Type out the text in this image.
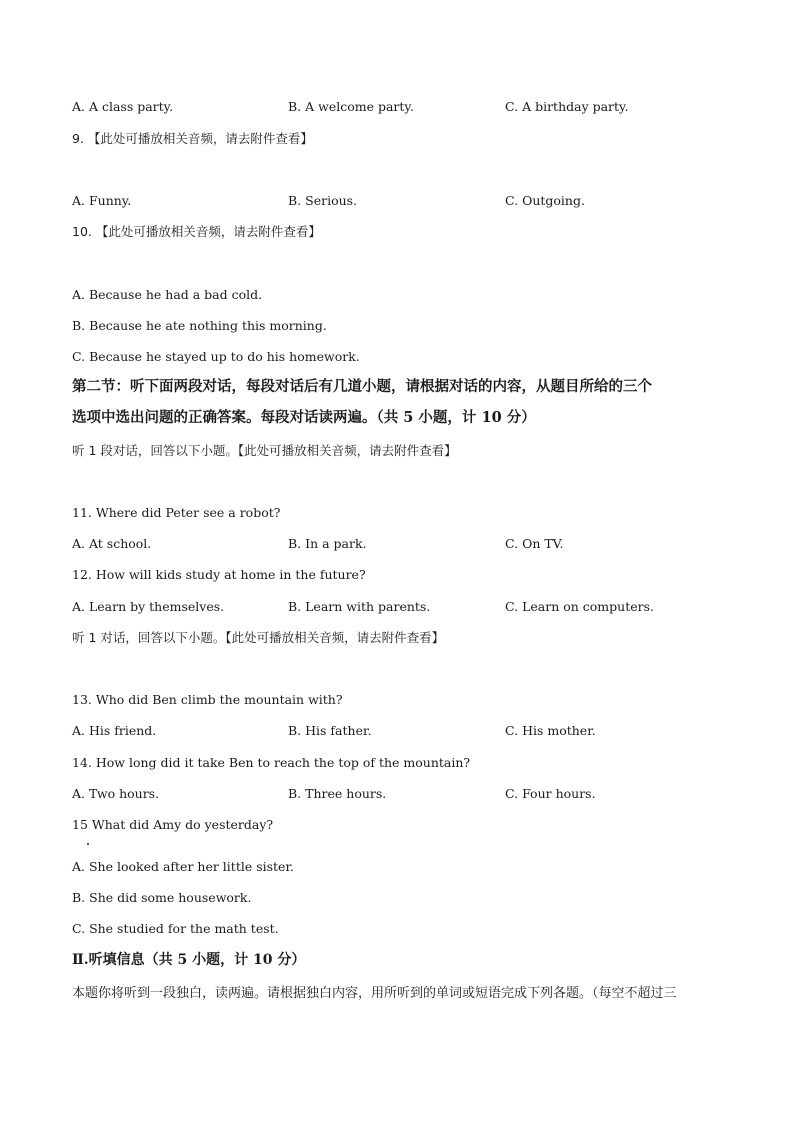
A. A class party.	B. A welcome party.	C. A birthday party.
9. 【此处可播放相关音频，请去附件查看】
A. Funny.	B. Serious.	C. Outgoing.
10. 【此处可播放相关音频，请去附件查看】
A. Because he had a bad cold.
B. Because he ate nothing this morning.
C. Because he stayed up to do his homework.
第二节：听下面两段对话，每段对话后有几道小题，请根据对话的内容，从题目所给的三个
选项中选出问题的正确答案。每段对话读两遍。（共 5 小题，计 10 分）
听 1 段对话，回答以下小题。【此处可播放相关音频，请去附件查看】
11. Where did Peter see a robot?
A. At school.	B. In a park.	C. On TV.
12. How will kids study at home in the future?
A. Learn by themselves.	B. Learn with parents.	C. Learn on computers.
听 1 对话，回答以下小题。【此处可播放相关音频，请去附件查看】
13. Who did Ben climb the mountain with?
A. His friend.	B. His father.	C. His mother.
14. How long did it take Ben to reach the top of the mountain?
A. Two hours.	B. Three hours.	C. Four hours.
15 What did Amy do yesterday?
A. She looked after her little sister.
B. She did some housework.
C. She studied for the math test.
Ⅱ.听填信息（共 5 小题，计 10 分）
本题你将听到一段独白，读两遍。请根据独白内容，用所听到的单词或短语完成下列各题。（每空不超过三
